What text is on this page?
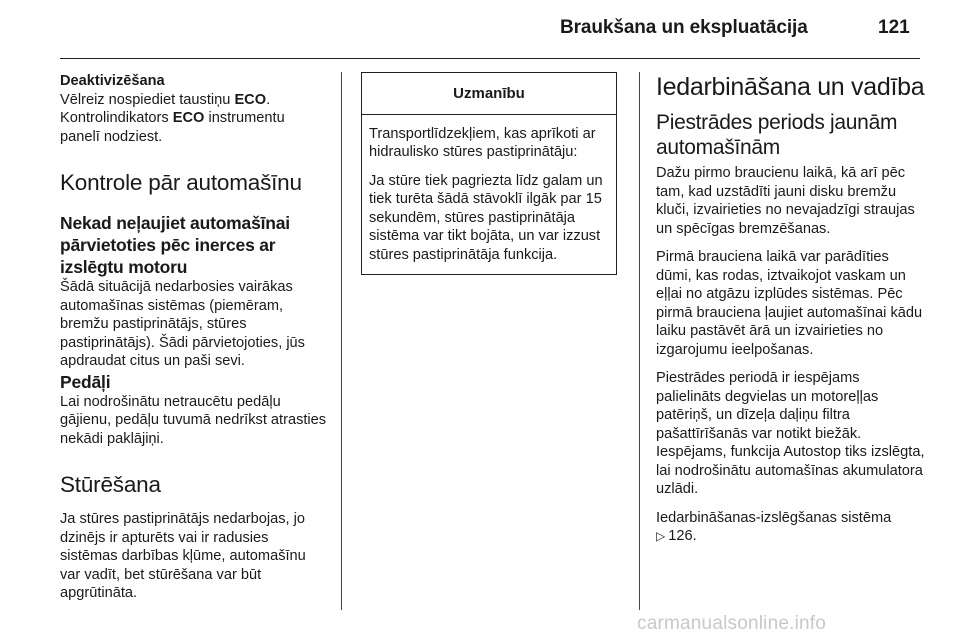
Braukšana un ekspluatācija	121
Deaktivizēšana

Vēlreiz nospiediet taustiņu ECO. Kontrolindikators ECO instrumentu panelī nodziest.

Kontrole pār automašīnu
Nekad neļaujiet automašīnai pārvietoties pēc inerces ar izslēgtu motoru

Šādā situācijā nedarbosies vairākas automašīnas sistēmas (piemēram, bremžu pastiprinātājs, stūres pastiprinātājs). Šādi pārvietojoties, jūs apdraudat citus un paši sevi.

Pedāļi

Lai nodrošinātu netraucētu pedāļu gājienu, pedāļu tuvumā nedrīkst atrasties nekādi paklājiņi.

Stūrēšana

Ja stūres pastiprinātājs nedarbojas, jo dzinējs ir apturēts vai ir radusies sistēmas darbības kļūme, automašīnu var vadīt, bet stūrēšana var būt apgrūtināta.

Uzmanību

Transportlīdzekļiem, kas aprīkoti ar hidraulisko stūres pastiprinātāju:

Ja stūre tiek pagriezta līdz galam un tiek turēta šādā stāvoklī ilgāk par 15 sekundēm, stūres pastiprinātāja sistēma var tikt bojāta, un var izzust stūres pastiprinātāja funkcija.

Iedarbināšana un vadība
Piestrādes periods jaunām automašīnām

Dažu pirmo braucienu laikā, kā arī pēc tam, kad uzstādīti jauni disku bremžu kluči, izvairieties no nevajadzīgi straujas un spēcīgas bremzēšanas.

Pirmā brauciena laikā var parādīties dūmi, kas rodas, iztvaikojot vaskam un eļļai no atgāzu izplūdes sistēmas. Pēc pirmā brauciena ļaujiet automašīnai kādu laiku pastāvēt ārā un izvairieties no izgarojumu ieelpošanas.

Piestrādes periodā ir iespējams palielināts degvielas un motoreļļas patēriņš, un dīzeļa daļiņu filtra pašattīrīšanās var notikt biežāk. Iespējams, funkcija Autostop tiks izslēgta, lai nodrošinātu automašīnas akumulatora uzlādi.

Iedarbināšanas-izslēgšanas sistēma
▷ 126.

carmanualsonline.info
